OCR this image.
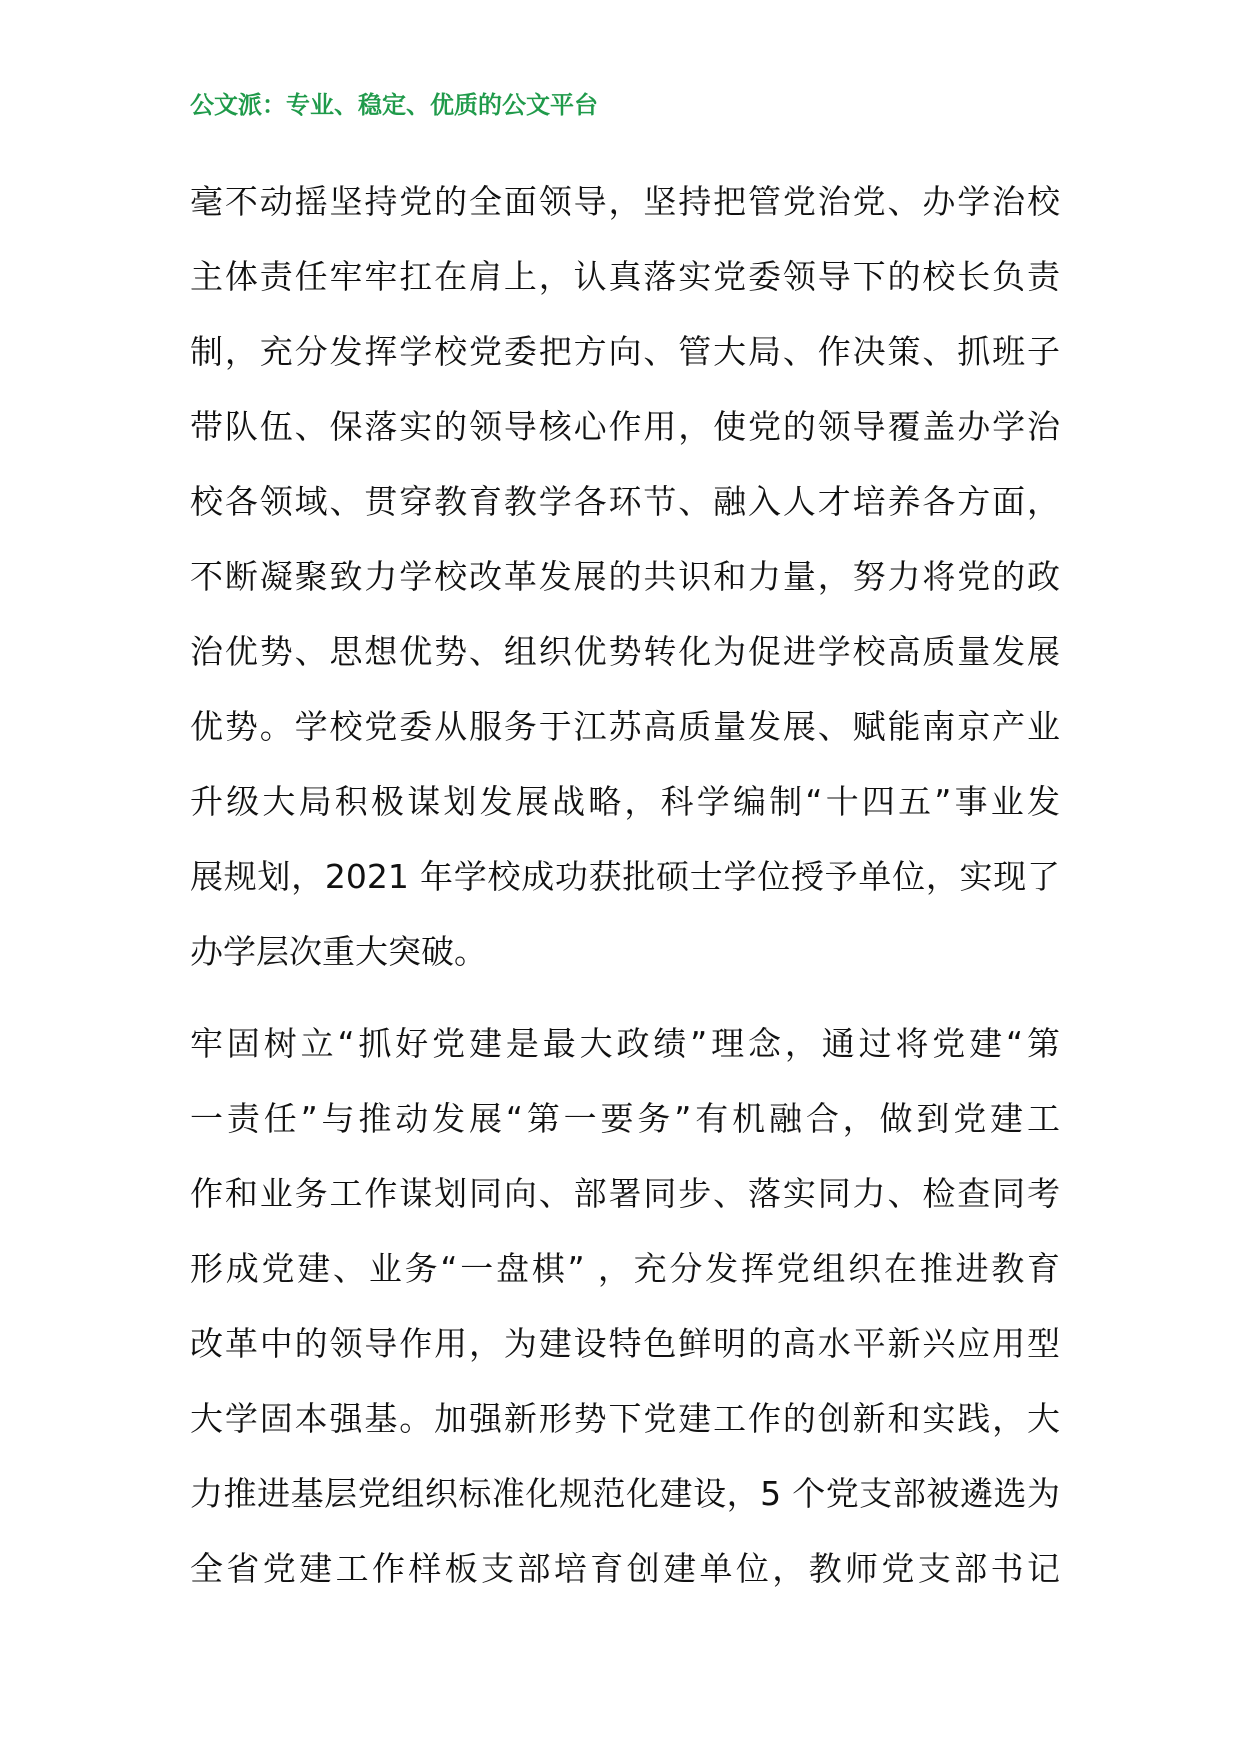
公文派：专业、稳定、优质的公文平台
毫不动摇坚持党的全面领导，坚持把管党治党、办学治校
主体责任牢牢扛在肩上，认真落实党委领导下的校长负责
制，充分发挥学校党委把方向、管大局、作决策、抓班子
带队伍、保落实的领导核心作用，使党的领导覆盖办学治
校各领域、贯穿教育教学各环节、融入人才培养各方面，
不断凝聚致力学校改革发展的共识和力量，努力将党的政
治优势、思想优势、组织优势转化为促进学校高质量发展
优势。学校党委从服务于江苏高质量发展、赋能南京产业
升级大局积极谋划发展战略，科学编制“十四五”事业发
展规划，2021 年学校成功获批硕士学位授予单位，实现了
办学层次重大突破。
牢固树立“抓好党建是最大政绩”理念，通过将党建“第
一责任”与推动发展“第一要务”有机融合，做到党建工
作和业务工作谋划同向、部署同步、落实同力、检查同考
形成党建、业务“一盘棋” ，充分发挥党组织在推进教育
改革中的领导作用，为建设特色鲜明的高水平新兴应用型
大学固本强基。加强新形势下党建工作的创新和实践，大
力推进基层党组织标准化规范化建设，5 个党支部被遴选为
全省党建工作样板支部培育创建单位，教师党支部书记
